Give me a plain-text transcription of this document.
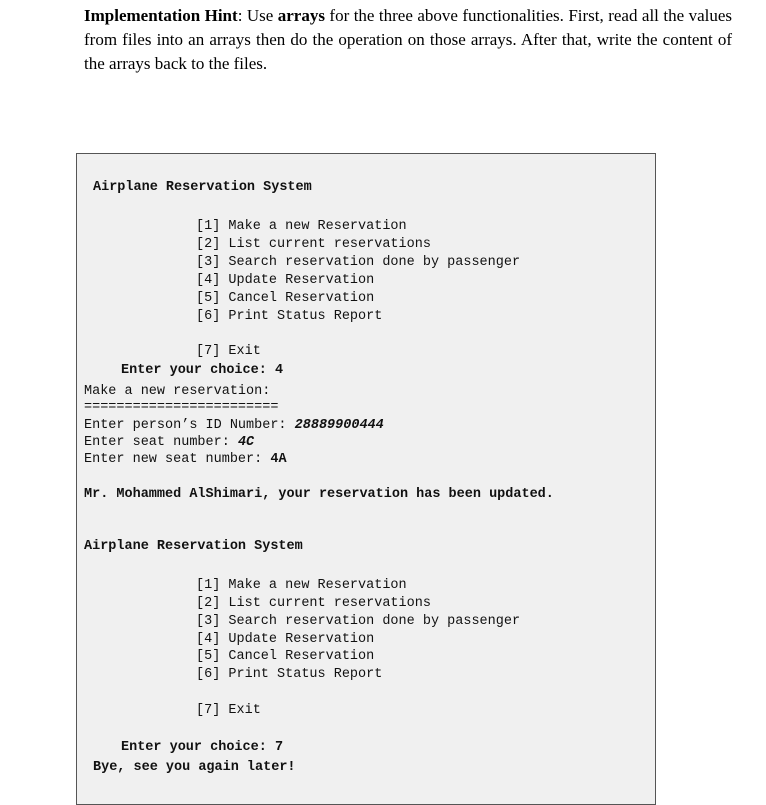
Implementation Hint: Use arrays for the three above functionalities. First, read all the values from files into an arrays then do the operation on those arrays. After that, write the content of the arrays back to the files.
Airplane Reservation System
[1] Make a new Reservation
[2] List current reservations
[3] Search reservation done by passenger
[4] Update Reservation
[5] Cancel Reservation
[6] Print Status Report
[7] Exit
Enter your choice: 4
Make a new reservation:
========================
Enter person’s ID Number: 28889900444
Enter seat number: 4C
Enter new seat number: 4A
Mr. Mohammed AlShimari, your reservation has been updated.
Airplane Reservation System
[1] Make a new Reservation
[2] List current reservations
[3] Search reservation done by passenger
[4] Update Reservation
[5] Cancel Reservation
[6] Print Status Report
[7] Exit
Enter your choice: 7
Bye, see you again later!
